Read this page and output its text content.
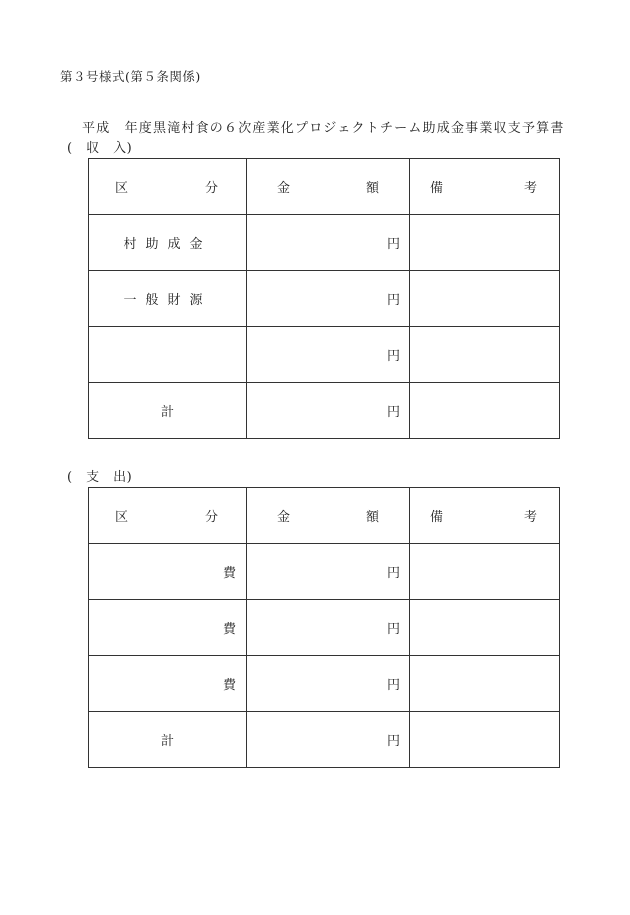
第３号様式(第５条関係)
平成　年度黒滝村食の６次産業化プロジェクトチーム助成金事業収支予算書
(　収　入)
区 分	金 額	備 考

村助成金	円	
一般財源	円	
	円	
計	円	
(　支　出)
区 分	金 額	備 考

費	円	
費	円	
費	円	
計	円	
